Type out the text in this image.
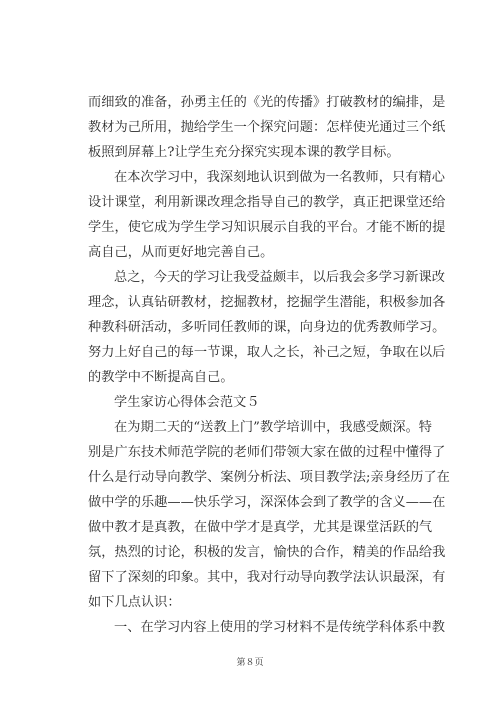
而细致的准备，孙勇主任的《光的传播》打破教材的编排，是
教材为己所用，抛给学生一个探究问题：怎样使光通过三个纸
板照到屏幕上?让学生充分探究实现本课的教学目标。
在本次学习中，我深刻地认识到做为一名教师，只有精心
设计课堂，利用新课改理念指导自己的教学，真正把课堂还给
学生，使它成为学生学习知识展示自我的平台。才能不断的提
高自己，从而更好地完善自己。
总之，今天的学习让我受益颇丰，以后我会多学习新课改
理念，认真钻研教材，挖掘教材，挖掘学生潜能，积极参加各
种教科研活动，多听同任教师的课，向身边的优秀教师学习。
努力上好自己的每一节课，取人之长，补己之短，争取在以后
的教学中不断提高自己。
学生家访心得体会范文５
在为期二天的“送教上门”教学培训中，我感受颇深。特
别是广东技术师范学院的老师们带领大家在做的过程中懂得了
什么是行动导向教学、案例分析法、项目教学法;亲身经历了在
做中学的乐趣——快乐学习，深深体会到了教学的含义——在
做中教才是真教，在做中学才是真学，尤其是课堂活跃的气
氛，热烈的讨论，积极的发言，愉快的合作，精美的作品给我
留下了深刻的印象。其中，我对行动导向教学法认识最深，有
如下几点认识：
一、在学习内容上使用的学习材料不是传统学科体系中教
第８页
